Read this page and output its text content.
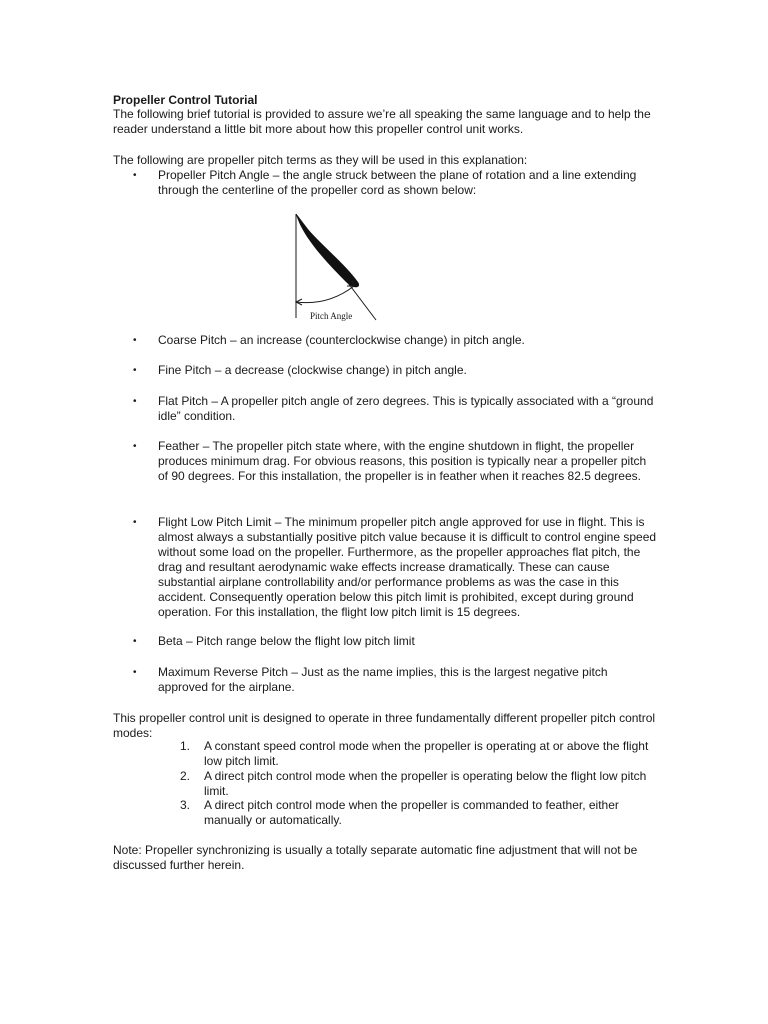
Propeller Control Tutorial
The following brief tutorial is provided to assure we’re all speaking the same language and to help the reader understand a little bit more about how this propeller control unit works.
The following are propeller pitch terms as they will be used in this explanation:
•	Propeller Pitch Angle – the angle struck between the plane of rotation and a line extending through the centerline of the propeller cord as shown below:
Pitch Angle
•	Coarse Pitch – an increase (counterclockwise change) in pitch angle.
•	Fine Pitch – a decrease (clockwise change) in pitch angle.
•	Flat Pitch – A propeller pitch angle of zero degrees. This is typically associated with a “ground idle” condition.
•	Feather – The propeller pitch state where, with the engine shutdown in flight, the propeller produces minimum drag. For obvious reasons, this position is typically near a propeller pitch of 90 degrees. For this installation, the propeller is in feather when it reaches 82.5 degrees.
•	Flight Low Pitch Limit – The minimum propeller pitch angle approved for use in flight. This is almost always a substantially positive pitch value because it is difficult to control engine speed without some load on the propeller. Furthermore, as the propeller approaches flat pitch, the drag and resultant aerodynamic wake effects increase dramatically. These can cause substantial airplane controllability and/or performance problems as was the case in this accident. Consequently operation below this pitch limit is prohibited, except during ground operation. For this installation, the flight low pitch limit is 15 degrees.
•	Beta – Pitch range below the flight low pitch limit
•	Maximum Reverse Pitch – Just as the name implies, this is the largest negative pitch approved for the airplane.
This propeller control unit is designed to operate in three fundamentally different propeller pitch control modes:
1.	A constant speed control mode when the propeller is operating at or above the flight low pitch limit.
2.	A direct pitch control mode when the propeller is operating below the flight low pitch limit.
3.	A direct pitch control mode when the propeller is commanded to feather, either manually or automatically.
Note: Propeller synchronizing is usually a totally separate automatic fine adjustment that will not be discussed further herein.
